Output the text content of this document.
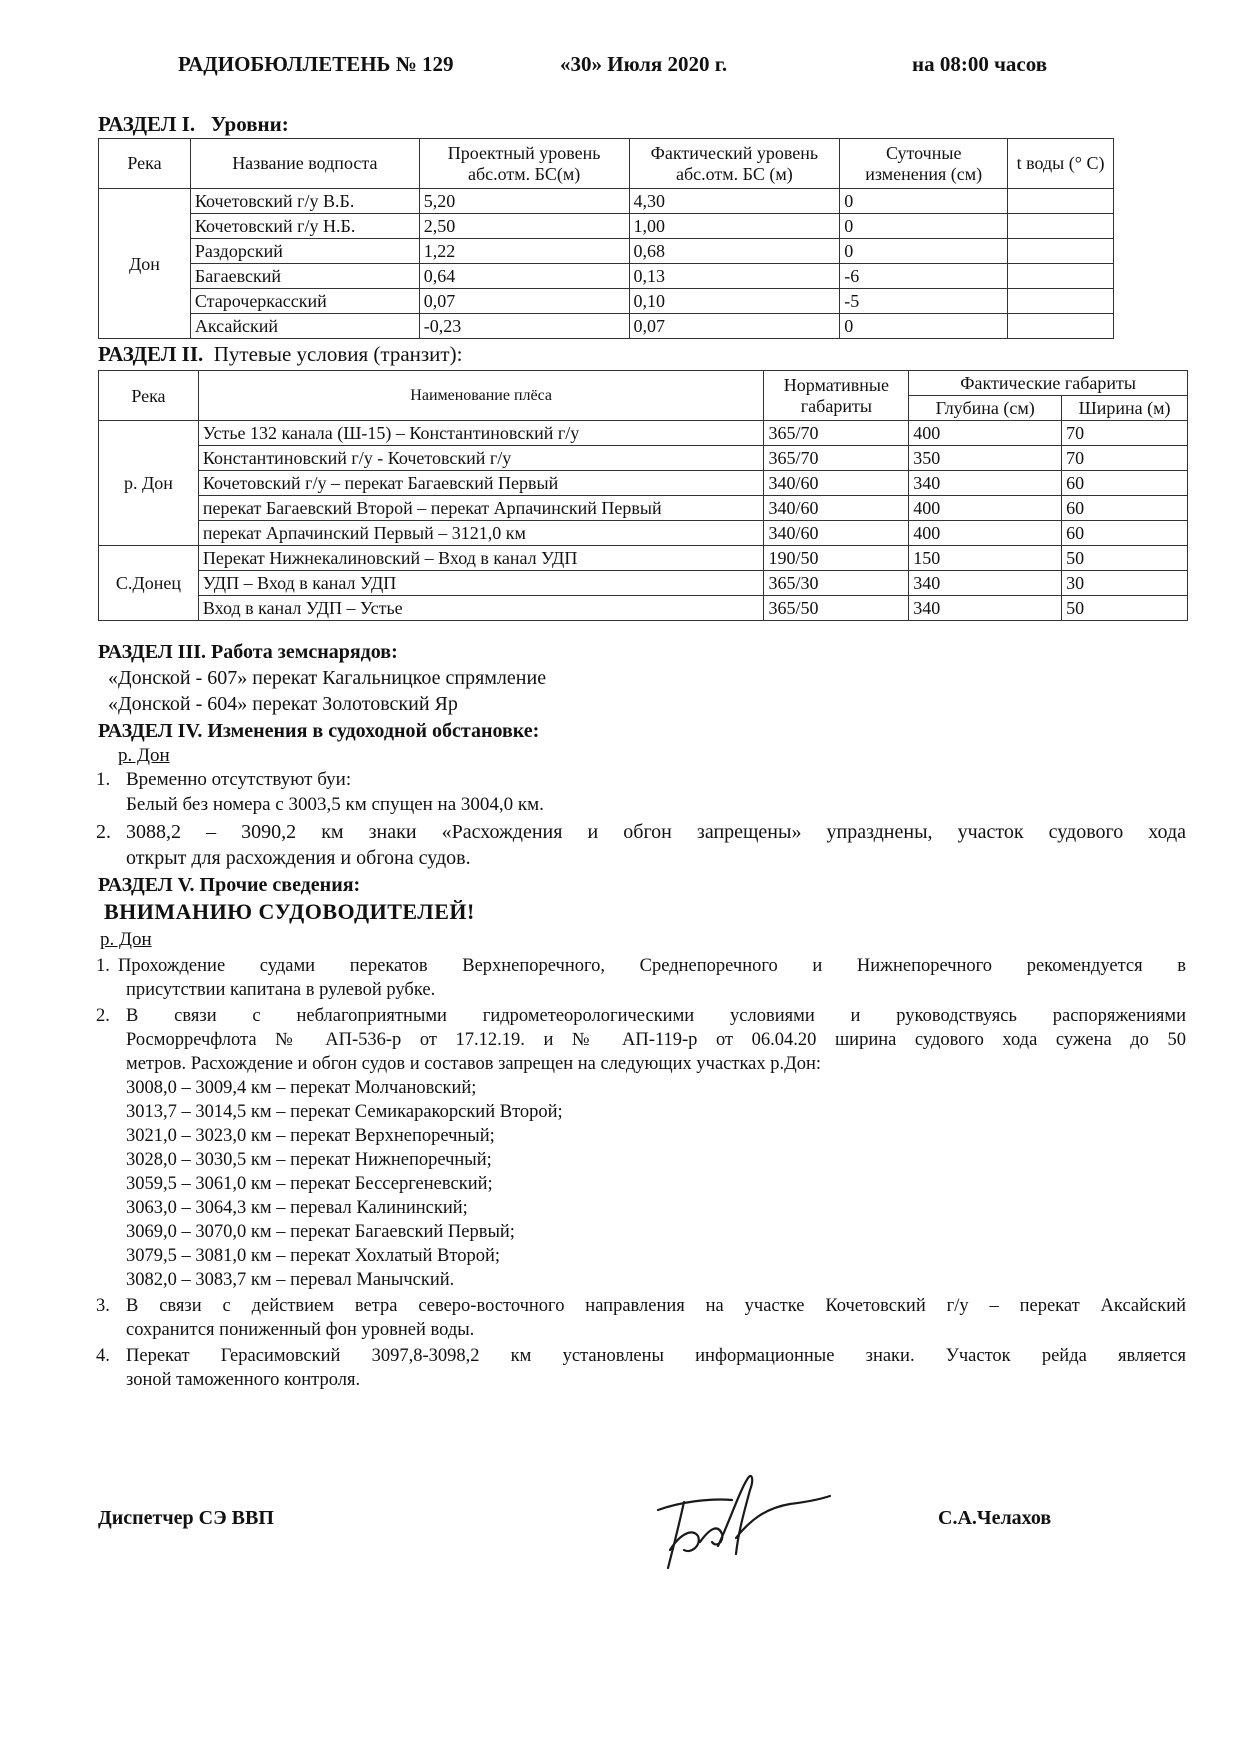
РАДИОБЮЛЛЕТЕНЬ № 129	«30» Июля 2020 г.	на 08:00 часов
РАЗДЕЛ I. Уровни:
Река	Название водпоста	Проектный уровень абс.отм. БС(м)	Фактический уровень абс.отм. БС (м)	Суточные изменения (см)	t воды (° С)
Дон	Кочетовский г/у В.Б.	5,20	4,30	0	
	Кочетовский г/у Н.Б.	2,50	1,00	0	
	Раздорский	1,22	0,68	0	
	Багаевский	0,64	0,13	-6	
	Старочеркасский	0,07	0,10	-5	
	Аксайский	-0,23	0,07	0	
РАЗДЕЛ II. Путевые условия (транзит):
Река	Наименование плёса	Нормативные габариты	Фактические габариты	
			Глубина (см)	Ширина (м)
р. Дон	Устье 132 канала (Ш-15) – Константиновский г/у	365/70	400	70
	Константиновский г/у - Кочетовский г/у	365/70	350	70
	Кочетовский г/у – перекат Багаевский Первый	340/60	340	60
	перекат Багаевский Второй – перекат Арпачинский Первый	340/60	400	60
	перекат Арпачинский Первый – 3121,0 км	340/60	400	60
С.Донец	Перекат Нижнекалиновский – Вход в канал УДП	190/50	150	50
	УДП – Вход в канал УДП	365/30	340	30
	Вход в канал УДП – Устье	365/50	340	50
РАЗДЕЛ III. Работа земснарядов:
«Донской - 607» перекат Кагальницкое спрямление
«Донской - 604» перекат Золотовский Яр
РАЗДЕЛ IV. Изменения в судоходной обстановке:
р. Дон
1. Временно отсутствуют буи:
Белый без номера с 3003,5 км спущен на 3004,0 км.
2. 3088,2 – 3090,2 км знаки «Расхождения и обгон запрещены» упразднены, участок судового хода
открыт для расхождения и обгона судов.
РАЗДЕЛ V. Прочие сведения:
ВНИМАНИЮ СУДОВОДИТЕЛЕЙ!
р. Дон
1. Прохождение судами перекатов Верхнепоречного, Среднепоречного и Нижнепоречного рекомендуется в
присутствии капитана в рулевой рубке.
2. В связи с неблагоприятными гидрометеорологическими условиями и руководствуясь распоряжениями
Росморречфлота № АП-536-р от 17.12.19. и № АП-119-р от 06.04.20 ширина судового хода сужена до 50
метров. Расхождение и обгон судов и составов запрещен на следующих участках р.Дон:
3008,0 – 3009,4 км – перекат Молчановский;
3013,7 – 3014,5 км – перекат Семикаракорский Второй;
3021,0 – 3023,0 км – перекат Верхнепоречный;
3028,0 – 3030,5 км – перекат Нижнепоречный;
3059,5 – 3061,0 км – перекат Бессергеневский;
3063,0 – 3064,3 км – перевал Калининский;
3069,0 – 3070,0 км – перекат Багаевский Первый;
3079,5 – 3081,0 км – перекат Хохлатый Второй;
3082,0 – 3083,7 км – перевал Манычский.
3. В связи с действием ветра северо-восточного направления на участке Кочетовский г/у – перекат Аксайский
сохранится пониженный фон уровней воды.
4. Перекат Герасимовский 3097,8-3098,2 км установлены информационные знаки. Участок рейда является
зоной таможенного контроля.
Диспетчер СЭ ВВП	С.А.Челахов
